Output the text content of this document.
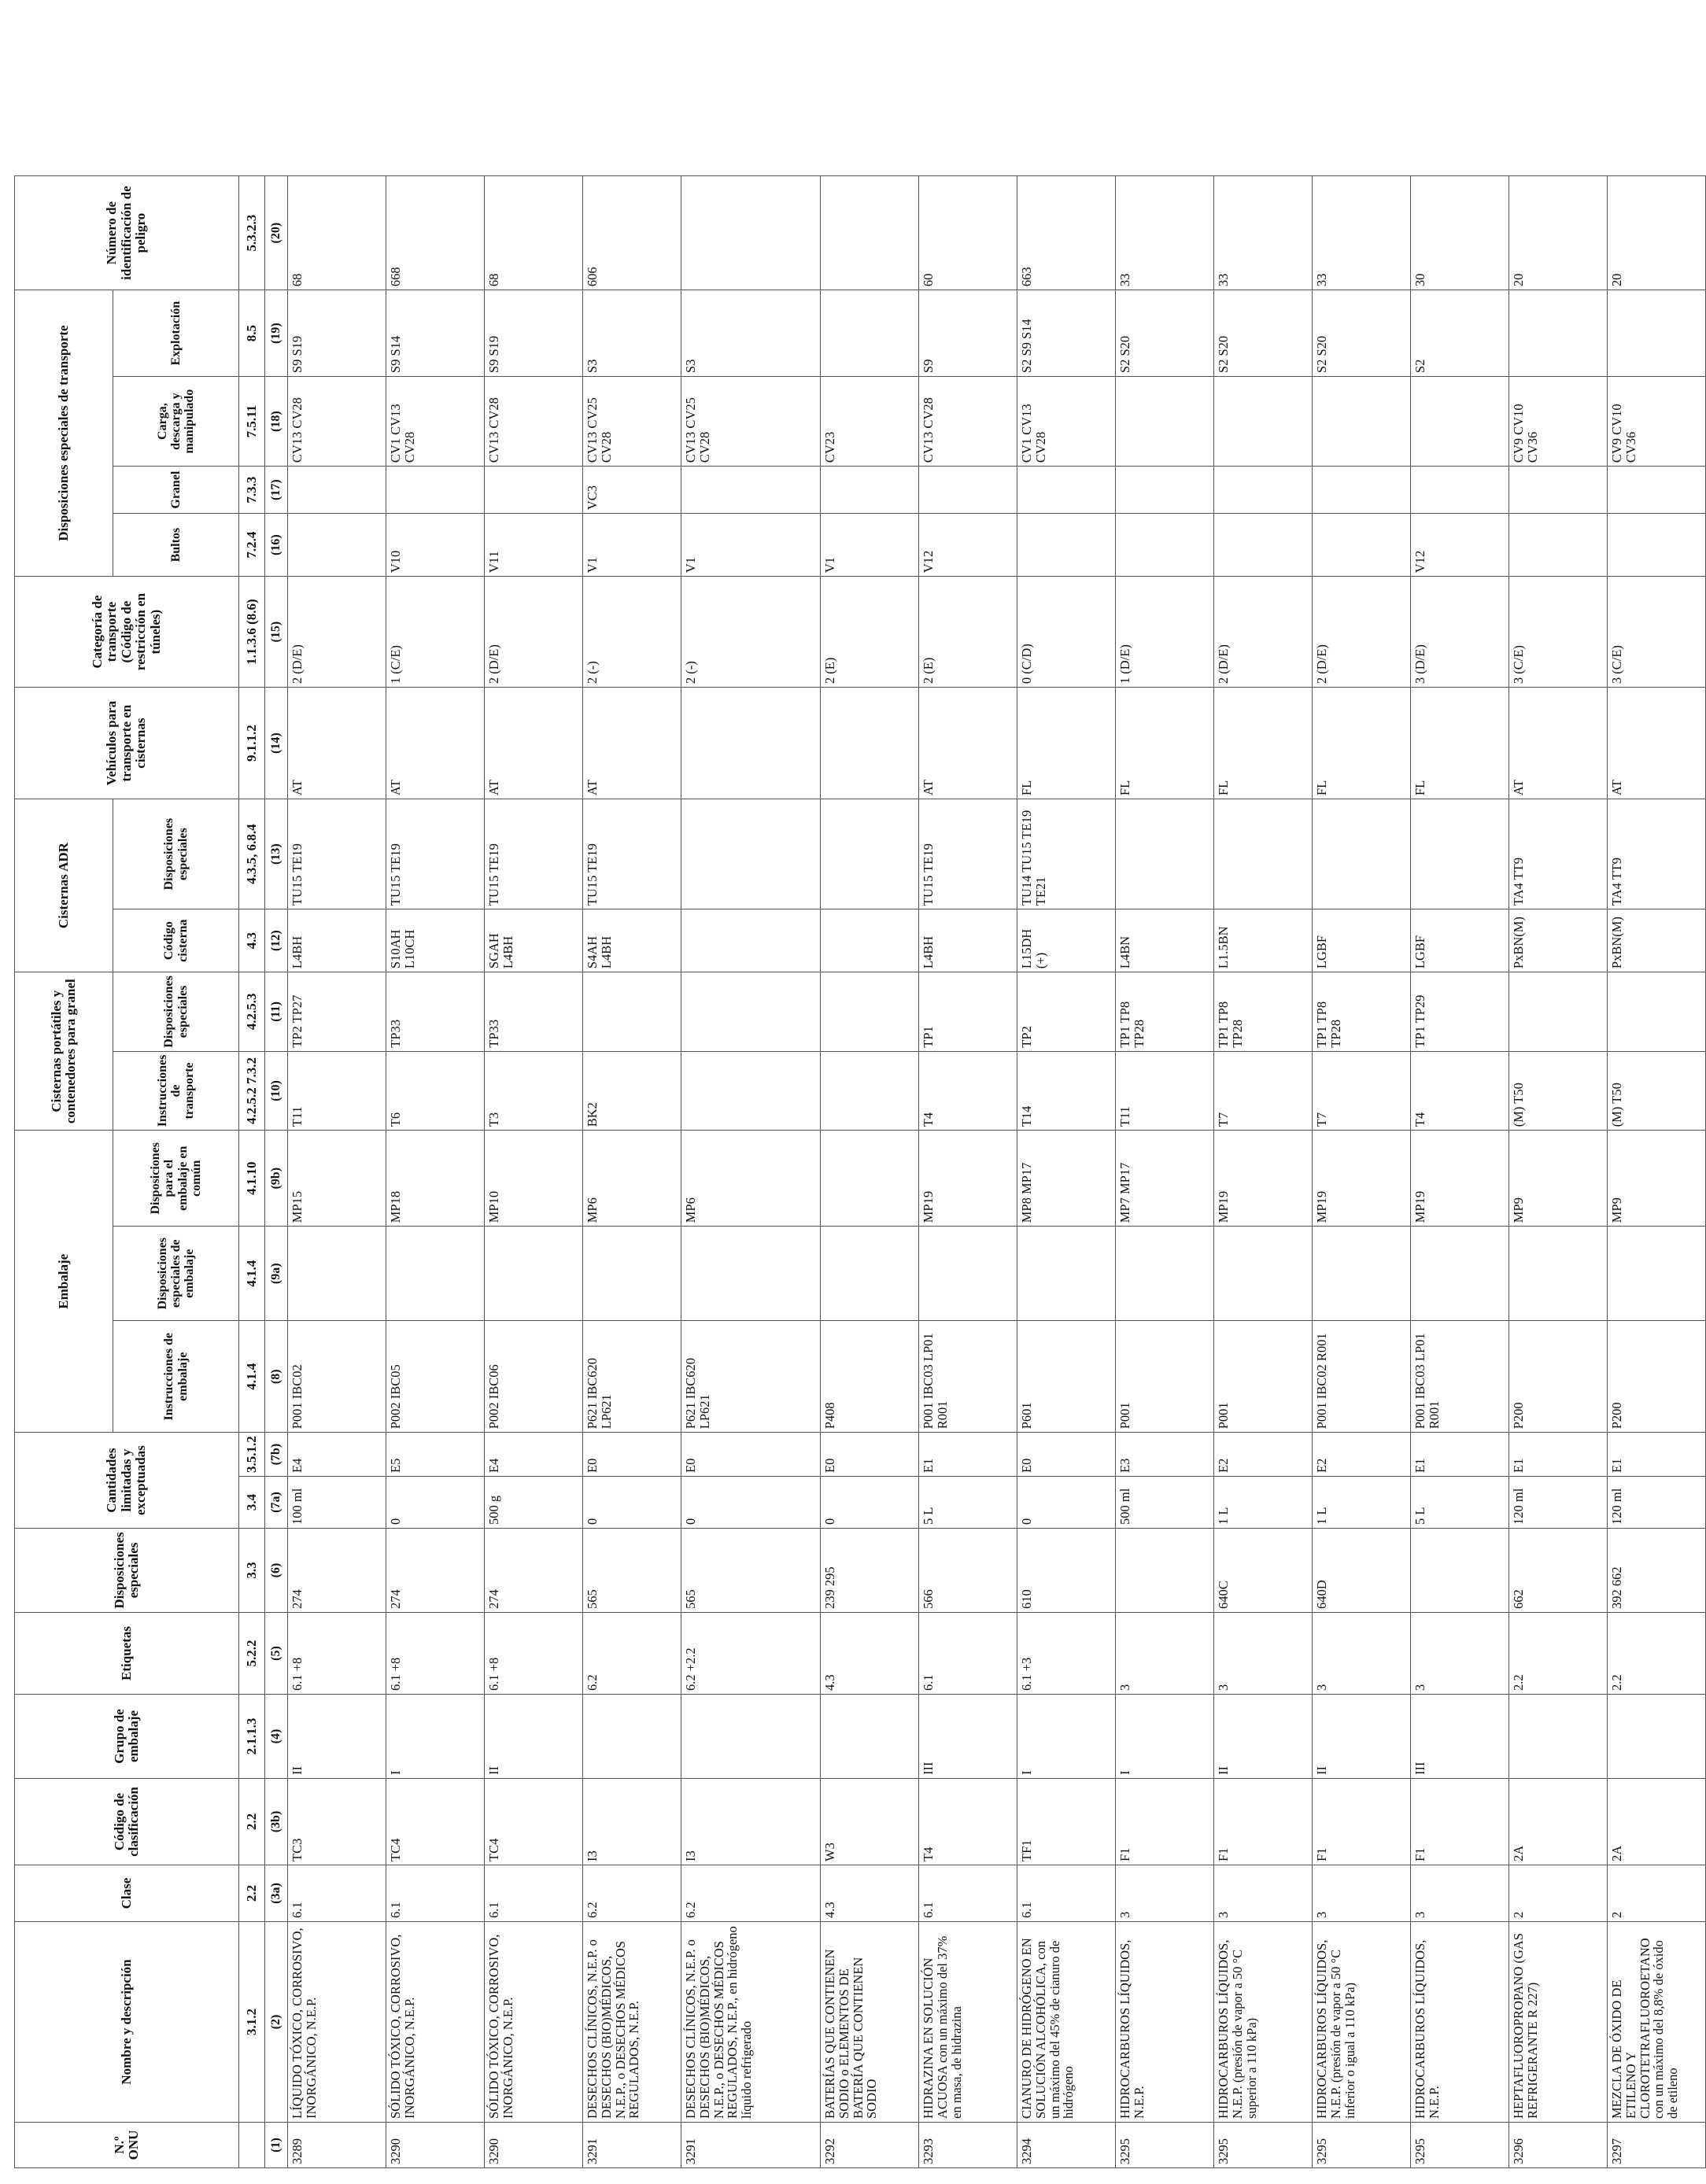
N.º ONU	Nombre y descripción	Clase	Código de clasificación	Grupo de embalaje	Etiquetas	Disposiciones especiales	Cantidades limitadas y exceptuadas		Embalaje			Cisternas portátiles y contenedores para granel		Cisternas ADR		Vehículos para transporte en cisternas	Categoría de transporte (Código de restricción en túneles)	Disposiciones especiales de transporte				Número de identificación de peligro
									Instrucciones de embalaje	Disposiciones especiales de embalaje	Disposiciones para el embalaje en común	Instrucciones de transporte	Disposiciones especiales	Código cisterna	Disposiciones especiales			Bultos	Granel	Carga, descarga y manipulado	Explotación	
	3.1.2	2.2	2.2	2.1.1.3	5.2.2	3.3	3.4	3.5.1.2	4.1.4	4.1.4	4.1.10	4.2.5.2 7.3.2	4.2.5.3	4.3	4.3.5, 6.8.4	9.1.1.2	1.1.3.6 (8.6)	7.2.4	7.3.3	7.5.11	8.5	5.3.2.3
(1)	(2)	(3a)	(3b)	(4)	(5)	(6)	(7a)	(7b)	(8)	(9a)	(9b)	(10)	(11)	(12)	(13)	(14)	(15)	(16)	(17)	(18)	(19)	(20)
3289	LÍQUIDO TÓXICO, CORROSIVO, INORGÁNICO, N.E.P.	6.1	TC3	II	6.1 +8	274	100 ml	E4	P001 IBC02		MP15	T11	TP2 TP27	L4BH	TU15 TE19	AT	2 (D/E)			CV13 CV28	S9 S19	68
3290	SÓLIDO TÓXICO, CORROSIVO, INORGÁNICO, N.E.P.	6.1	TC4	I	6.1 +8	274	0	E5	P002 IBC05		MP18	T6	TP33	S10AH L10CH	TU15 TE19	AT	1 (C/E)	V10		CV1 CV13 CV28	S9 S14	668
3290	SÓLIDO TÓXICO, CORROSIVO, INORGÁNICO, N.E.P.	6.1	TC4	II	6.1 +8	274	500 g	E4	P002 IBC06		MP10	T3	TP33	SGAH L4BH	TU15 TE19	AT	2 (D/E)	V11		CV13 CV28	S9 S19	68
3291	DESECHOS CLÍNICOS, N.E.P. o DESECHOS (BIO)MÉDICOS, N.E.P., o DESECHOS MÉDICOS REGULADOS, N.E.P.	6.2	I3		6.2	565	0	E0	P621 IBC620 LP621		MP6	BK2		S4AH L4BH	TU15 TE19	AT	2 (-)	V1	VC3	CV13 CV25 CV28	S3	606
3291	DESECHOS CLÍNICOS, N.E.P. o DESECHOS (BIO)MÉDICOS, N.E.P., o DESECHOS MÉDICOS REGULADOS, N.E.P., en hidrógeno líquido refrigerado	6.2	I3		6.2 +2.2	565	0	E0	P621 IBC620 LP621		MP6						2 (-)	V1		CV13 CV25 CV28	S3	
3292	BATERÍAS QUE CONTIENEN SODIO o ELEMENTOS DE BATERÍA QUE CONTIENEN SODIO	4.3	W3		4.3	239 295	0	E0	P408								2 (E)	V1		CV23		
3293	HIDRAZINA EN SOLUCIÓN ACUOSA con un máximo del 37% en masa, de hidrazina	6.1	T4	III	6.1	566	5 L	E1	P001 IBC03 LP01 R001		MP19	T4	TP1	L4BH	TU15 TE19	AT	2 (E)	V12		CV13 CV28	S9	60
3294	CIANURO DE HIDRÓGENO EN SOLUCIÓN ALCOHÓLICA, con un máximo del 45% de cianuro de hidrógeno	6.1	TF1	I	6.1 +3	610	0	E0	P601		MP8 MP17	T14	TP2	L15DH (+)	TU14 TU15 TE19 TE21	FL	0 (C/D)			CV1 CV13 CV28	S2 S9 S14	663
3295	HIDROCARBUROS LÍQUIDOS, N.E.P.	3	F1	I	3		500 ml	E3	P001		MP7 MP17	T11	TP1 TP8 TP28	L4BN		FL	1 (D/E)				S2 S20	33
3295	HIDROCARBUROS LÍQUIDOS, N.E.P. (presión de vapor a 50 °C superior a 110 kPa)	3	F1	II	3	640C	1 L	E2	P001		MP19	T7	TP1 TP8 TP28	L1.5BN		FL	2 (D/E)				S2 S20	33
3295	HIDROCARBUROS LÍQUIDOS, N.E.P. (presión de vapor a 50 °C inferior o igual a 110 kPa)	3	F1	II	3	640D	1 L	E2	P001 IBC02 R001		MP19	T7	TP1 TP8 TP28	LGBF		FL	2 (D/E)				S2 S20	33
3295	HIDROCARBUROS LÍQUIDOS, N.E.P.	3	F1	III	3		5 L	E1	P001 IBC03 LP01 R001		MP19	T4	TP1 TP29	LGBF		FL	3 (D/E)	V12			S2	30
3296	HEPTAFLUOROPROPANO (GAS REFRIGERANTE R 227)	2	2A		2.2	662	120 ml	E1	P200		MP9	(M) T50		PxBN(M)	TA4 TT9	AT	3 (C/E)			CV9 CV10 CV36		20
3297	MEZCLA DE ÓXIDO DE ETILENO Y CLOROTETRAFLUOROETANO con un máximo del 8,8% de óxido de etileno	2	2A		2.2	392 662	120 ml	E1	P200		MP9	(M) T50		PxBN(M)	TA4 TT9	AT	3 (C/E)			CV9 CV10 CV36		20
